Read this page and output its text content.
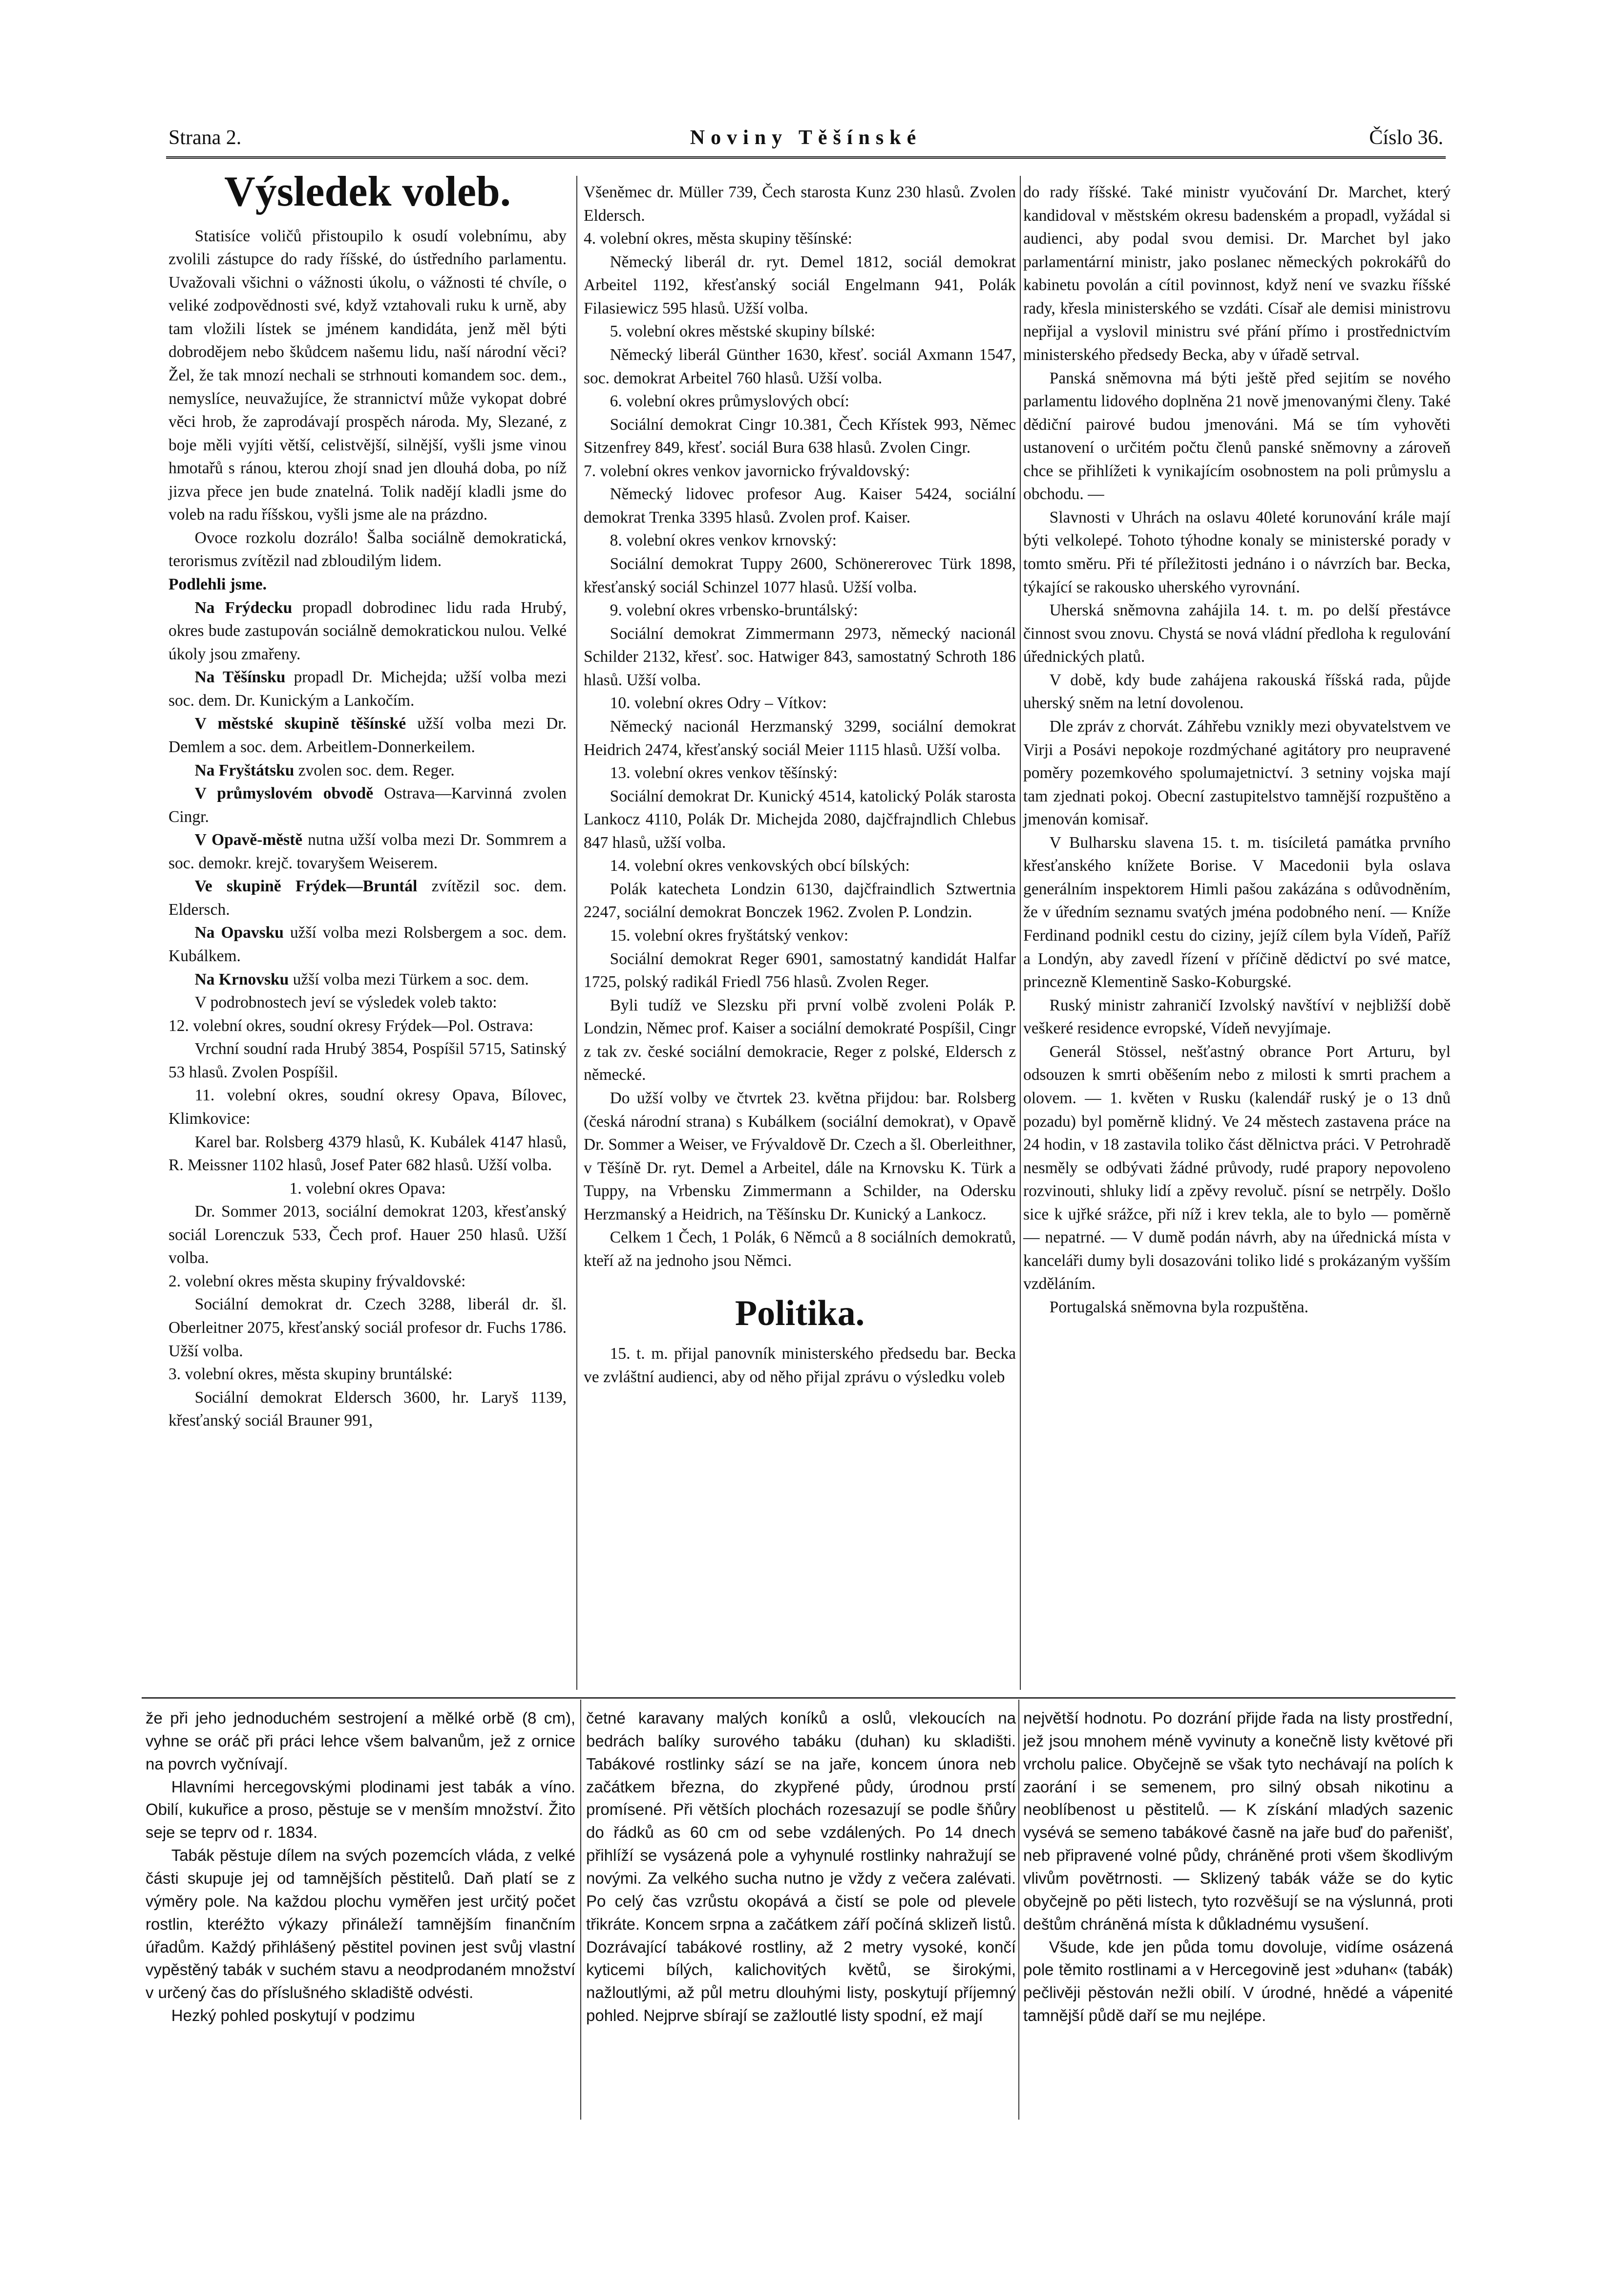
Strana 2.	Noviny Těšínské	Číslo 36.
Výsledek voleb.

Statisíce voličů přistoupilo k osudí volebnímu, aby zvolili zástupce do rady říšské, do ústředního parlamentu. Uvažovali všichni o vážnosti úkolu, o vážnosti té chvíle, o veliké zodpovědnosti své, když vztahovali ruku k urně, aby tam vložili lístek se jménem kandidáta, jenž měl býti dobrodějem nebo škůdcem našemu lidu, naší národní věci? Žel, že tak mnozí nechali se strhnouti komandem soc. dem., nemyslíce, neuvažujíce, že strannictví může vykopat dobré věci hrob, že zaprodávají prospěch národa. My, Slezané, z boje měli vyjíti větší, celistvější, silnější, vyšli jsme vinou hmotařů s ránou, kterou zhojí snad jen dlouhá doba, po níž jizva přece jen bude znatelná. Tolik nadějí kladli jsme do voleb na radu říšskou, vyšli jsme ale na prázdno.

Ovoce rozkolu dozrálo! Šalba sociálně demokratická, terorismus zvítězil nad zbloudilým lidem.

Podlehli jsme.

Na Frýdecku propadl dobrodinec lidu rada Hrubý, okres bude zastupován sociálně demokratickou nulou. Velké úkoly jsou zmařeny.

Na Těšínsku propadl Dr. Michejda; užší volba mezi soc. dem. Dr. Kunickým a Lankočím.

V městské skupině těšínské užší volba mezi Dr. Demlem a soc. dem. Arbeitlem-Donnerkeilem.

Na Fryštátsku zvolen soc. dem. Reger.

V průmyslovém obvodě Ostrava—Karvinná zvolen Cingr.

V Opavě-městě nutna užší volba mezi Dr. Sommrem a soc. demokr. krejč. tovaryšem Weiserem.

Ve skupině Frýdek—Bruntál zvítězil soc. dem. Eldersch.

Na Opavsku užší volba mezi Rolsbergem a soc. dem. Kubálkem.

Na Krnovsku užší volba mezi Türkem a soc. dem.

V podrobnostech jeví se výsledek voleb takto:

12. volební okres, soudní okresy Frýdek—Pol. Ostrava:

Vrchní soudní rada Hrubý 3854, Pospíšil 5715, Satinský 53 hlasů. Zvolen Pospíšil.

11. volební okres, soudní okresy Opava, Bílovec, Klimkovice:

Karel bar. Rolsberg 4379 hlasů, K. Kubálek 4147 hlasů, R. Meissner 1102 hlasů, Josef Pater 682 hlasů. Užší volba.

1. volební okres Opava:

Dr. Sommer 2013, sociální demokrat 1203, křesťanský sociál Lorenczuk 533, Čech prof. Hauer 250 hlasů. Užší volba.

2. volební okres města skupiny frývaldovské:

Sociální demokrat dr. Czech 3288, liberál dr. šl. Oberleitner 2075, křesťanský sociál profesor dr. Fuchs 1786. Užší volba.

3. volební okres, města skupiny bruntálské:

Sociální demokrat Eldersch 3600, hr. Laryš 1139, křesťanský sociál Brauner 991,

Všeněmec dr. Müller 739, Čech starosta Kunz 230 hlasů. Zvolen Eldersch.

4. volební okres, města skupiny těšínské:

Německý liberál dr. ryt. Demel 1812, sociál demokrat Arbeitel 1192, křesťanský sociál Engelmann 941, Polák Filasiewicz 595 hlasů. Užší volba.

5. volební okres městské skupiny bílské:

Německý liberál Günther 1630, křesť. sociál Axmann 1547, soc. demokrat Arbeitel 760 hlasů. Užší volba.

6. volební okres průmyslových obcí:

Sociální demokrat Cingr 10.381, Čech Křístek 993, Němec Sitzenfrey 849, křesť. sociál Bura 638 hlasů. Zvolen Cingr.

7. volební okres venkov javornicko frývaldovský:

Německý lidovec profesor Aug. Kaiser 5424, sociální demokrat Trenka 3395 hlasů. Zvolen prof. Kaiser.

8. volební okres venkov krnovský:

Sociální demokrat Tuppy 2600, Schönererovec Türk 1898, křesťanský sociál Schinzel 1077 hlasů. Užší volba.

9. volební okres vrbensko-bruntálský:

Sociální demokrat Zimmermann 2973, německý nacionál Schilder 2132, křesť. soc. Hatwiger 843, samostatný Schroth 186 hlasů. Užší volba.

10. volební okres Odry – Vítkov:

Německý nacionál Herzmanský 3299, sociální demokrat Heidrich 2474, křesťanský sociál Meier 1115 hlasů. Užší volba.

13. volební okres venkov těšínský:

Sociální demokrat Dr. Kunický 4514, katolický Polák starosta Lankocz 4110, Polák Dr. Michejda 2080, dajčfrajndlich Chlebus 847 hlasů, užší volba.

14. volební okres venkovských obcí bílských:

Polák katecheta Londzin 6130, dajčfraindlich Sztwertnia 2247, sociální demokrat Bonczek 1962. Zvolen P. Londzin.

15. volební okres fryštátský venkov:

Sociální demokrat Reger 6901, samostatný kandidát Halfar 1725, polský radikál Friedl 756 hlasů. Zvolen Reger.

Byli tudíž ve Slezsku při první volbě zvoleni Polák P. Londzin, Němec prof. Kaiser a sociální demokraté Pospíšil, Cingr z tak zv. české sociální demokracie, Reger z polské, Eldersch z německé.

Do užší volby ve čtvrtek 23. května přijdou: bar. Rolsberg (česká národní strana) s Kubálkem (sociální demokrat), v Opavě Dr. Sommer a Weiser, ve Frývaldově Dr. Czech a šl. Oberleithner, v Těšíně Dr. ryt. Demel a Arbeitel, dále na Krnovsku K. Türk a Tuppy, na Vrbensku Zimmermann a Schilder, na Odersku Herzmanský a Heidrich, na Těšínsku Dr. Kunický a Lankocz.

Celkem 1 Čech, 1 Polák, 6 Němců a 8 sociálních demokratů, kteří až na jednoho jsou Němci.

Politika.

15. t. m. přijal panovník ministerského předsedu bar. Becka ve zvláštní audienci, aby od něho přijal zprávu o výsledku voleb

do rady říšské. Také ministr vyučování Dr. Marchet, který kandidoval v městském okresu badenském a propadl, vyžádal si audienci, aby podal svou demisi. Dr. Marchet byl jako parlamentární ministr, jako poslanec německých pokrokářů do kabinetu povolán a cítil povinnost, když není ve svazku říšské rady, křesla ministerského se vzdáti. Císař ale demisi ministrovu nepřijal a vyslovil ministru své přání přímo i prostřednictvím ministerského předsedy Becka, aby v úřadě setrval.

Panská sněmovna má býti ještě před sejitím se nového parlamentu lidového doplněna 21 nově jmenovanými členy. Také dědiční pairové budou jmenováni. Má se tím vyhověti ustanovení o určitém počtu členů panské sněmovny a zároveň chce se přihlížeti k vynikajícím osobnostem na poli průmyslu a obchodu. —

Slavnosti v Uhrách na oslavu 40leté korunování krále mají býti velkolepé. Tohoto týhodne konaly se ministerské porady v tomto směru. Při té příležitosti jednáno i o návrzích bar. Becka, týkající se rakousko uherského vyrovnání.

Uherská sněmovna zahájila 14. t. m. po delší přestávce činnost svou znovu. Chystá se nová vládní předloha k regulování úřednických platů.

V době, kdy bude zahájena rakouská říšská rada, půjde uherský sněm na letní dovolenou.

Dle zpráv z chorvát. Záhřebu vznikly mezi obyvatelstvem ve Virji a Posávi nepokoje rozdmýchané agitátory pro neupravené poměry pozemkového spolumajetnictví. 3 setniny vojska mají tam zjednati pokoj. Obecní zastupitelstvo tamnější rozpuštěno a jmenován komisař.

V Bulharsku slavena 15. t. m. tisíciletá památka prvního křesťanského knížete Borise. V Macedonii byla oslava generálním inspektorem Himli pašou zakázána s odůvodněním, že v úředním seznamu svatých jména podobného není. — Kníže Ferdinand podnikl cestu do ciziny, jejíž cílem byla Vídeň, Paříž a Londýn, aby zavedl řízení v příčině dědictví po své matce, princezně Klementině Sasko-Koburgské.

Ruský ministr zahraničí Izvolský navštíví v nejbližší době veškeré residence evropské, Vídeň nevyjímaje.

Generál Stössel, nešťastný obrance Port Arturu, byl odsouzen k smrti oběšením nebo z milosti k smrti prachem a olovem. — 1. květen v Rusku (kalendář ruský je o 13 dnů pozadu) byl poměrně klidný. Ve 24 městech zastavena práce na 24 hodin, v 18 zastavila toliko část dělnictva práci. V Petrohradě nesměly se odbývati žádné průvody, rudé prapory nepovoleno rozvinouti, shluky lidí a zpěvy revoluč. písní se netrpěly. Došlo sice k ujřké srážce, při níž i krev tekla, ale to bylo — poměrně — nepatrné. — V dumě podán návrh, aby na úřednická místa v kanceláři dumy byli dosazováni toliko lidé s prokázaným vyšším vzděláním.

Portugalská sněmovna byla rozpuštěna.

že při jeho jednoduchém sestrojení a mělké orbě (8 cm), vyhne se oráč při práci lehce všem balvanům, jež z ornice na povrch vyčnívají.

Hlavními hercegovskými plodinami jest tabák a víno. Obilí, kukuřice a proso, pěstuje se v menším množství. Žito seje se teprv od r. 1834.

Tabák pěstuje dílem na svých pozemcích vláda, z velké části skupuje jej od tamnějších pěstitelů. Daň platí se z výměry pole. Na každou plochu vyměřen jest určitý počet rostlin, kteréžto výkazy přináleží tamnějším finančním úřadům. Každý přihlášený pěstitel povinen jest svůj vlastní vypěstěný tabák v suchém stavu a neodprodaném množství v určený čas do příslušného skladiště odvésti.

Hezký pohled poskytují v podzimu

četné karavany malých koníků a oslů, vlekoucích na bedrách balíky surového tabáku (duhan) ku skladišti. Tabákové rostlinky sází se na jaře, koncem února neb začátkem března, do zkypřené půdy, úrodnou prstí promísené. Při větších plochách rozesazují se podle šňůry do řádků as 60 cm od sebe vzdálených. Po 14 dnech přihlíží se vysázená pole a vyhynulé rostlinky nahražují se novými. Za velkého sucha nutno je vždy z večera zalévati. Po celý čas vzrůstu okopává a čistí se pole od plevele třikráte. Koncem srpna a začátkem září počíná sklizeň listů. Dozrávající tabákové rostliny, až 2 metry vysoké, končí kyticemi bílých, kalichovitých květů, se širokými, nažloutlými, až půl metru dlouhými listy, poskytují příjemný pohled. Nejprve sbírají se zažloutlé listy spodní, ež mají

největší hodnotu. Po dozrání přijde řada na listy prostřední, jež jsou mnohem méně vyvinuty a konečně listy květové při vrcholu palice. Obyčejně se však tyto nechávají na polích k zaorání i se semenem, pro silný obsah nikotinu a neoblíbenost u pěstitelů. — K získání mladých sazenic vysévá se semeno tabákové časně na jaře buď do pařenišť, neb připravené volné půdy, chráněné proti všem škodlivým vlivům povětrnosti. — Sklizený tabák váže se do kytic obyčejně po pěti listech, tyto rozvěšují se na výslunná, proti deštům chráněná místa k důkladnému vysušení.

Všude, kde jen půda tomu dovoluje, vidíme osázená pole těmito rostlinami a v Hercegovině jest »duhan« (tabák) pečlivěji pěstován nežli obilí. V úrodné, hnědé a vápenité tamnější půdě daří se mu nejlépe.
